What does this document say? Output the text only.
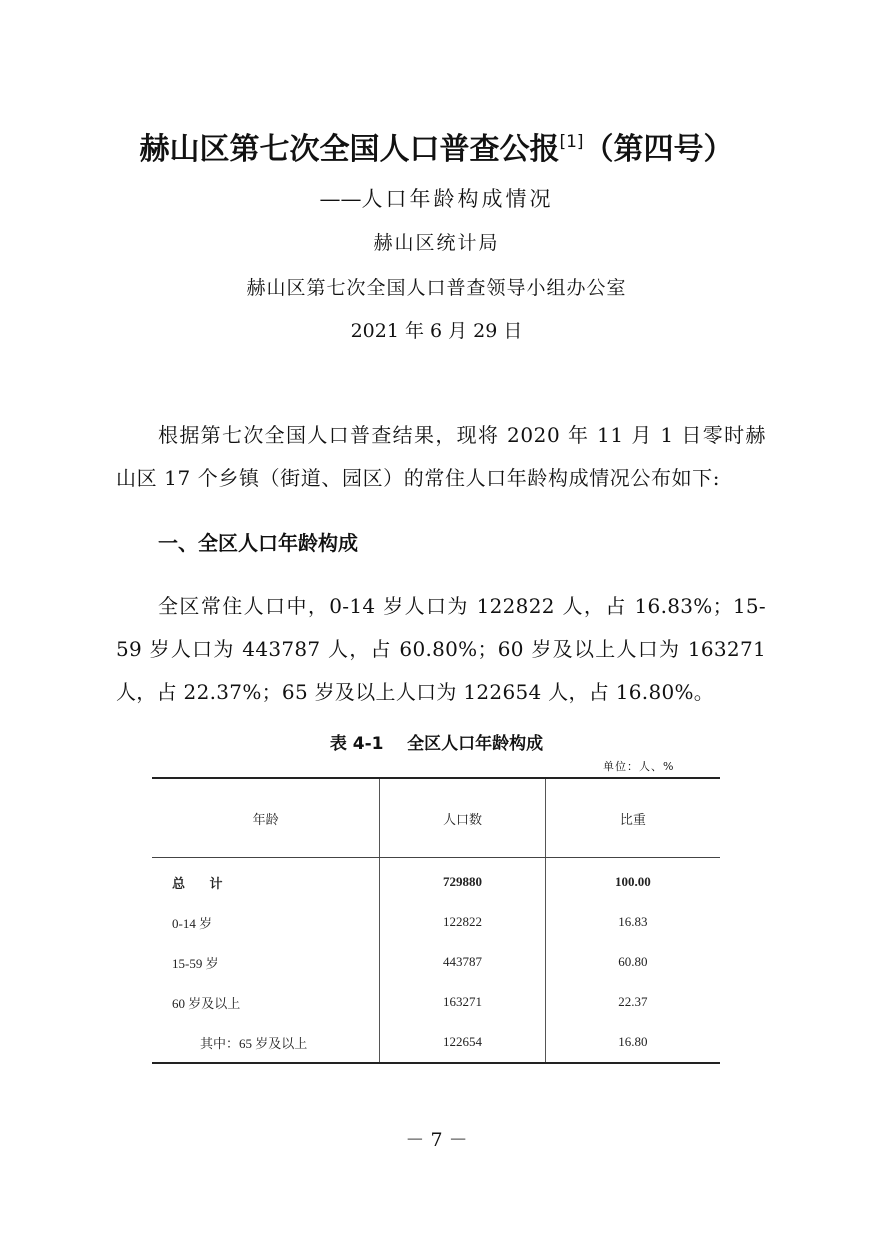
赫山区第七次全国人口普查公报[1]（第四号）
——人口年龄构成情况
赫山区统计局
赫山区第七次全国人口普查领导小组办公室
2021 年 6 月 29 日

根据第七次全国人口普查结果，现将 2020 年 11 月 1 日零时赫山区 17 个乡镇（街道、园区）的常住人口年龄构成情况公布如下:

一、全区人口年龄构成

全区常住人口中，0-14 岁人口为 122822 人，占 16.83%；15-59 岁人口为 443787 人，占 60.80%；60 岁及以上人口为 163271 人，占 22.37%；65 岁及以上人口为 122654 人，占 16.80%。

表 4-1    全区人口年龄构成
单位：人、%
年龄	人口数	比重
总 计	729880	100.00
0-14 岁	122822	16.83
15-59 岁	443787	60.80
60 岁及以上	163271	22.37
其中：65 岁及以上	122654	16.80
－ 7 －
